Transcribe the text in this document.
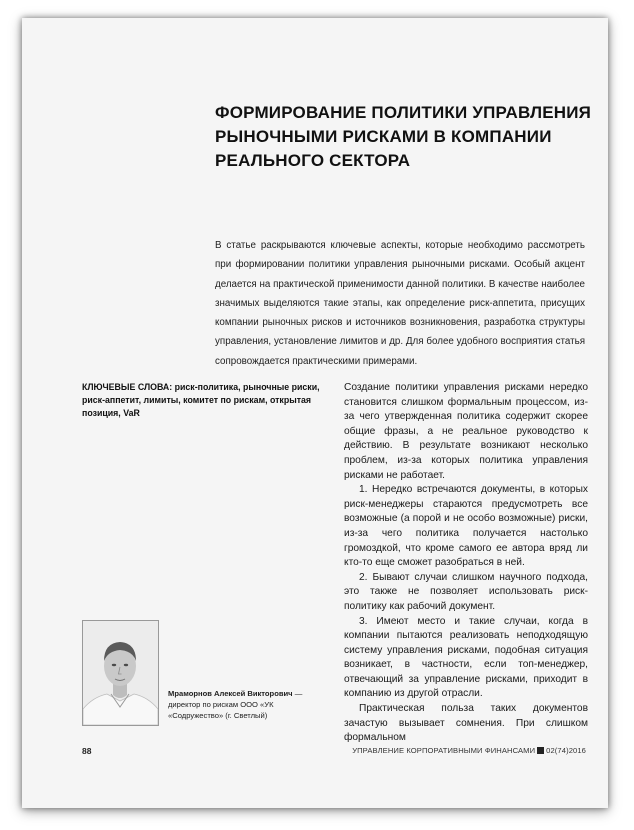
ФОРМИРОВАНИЕ ПОЛИТИКИ УПРАВЛЕНИЯ
РЫНОЧНЫМИ РИСКАМИ В КОМПАНИИ
РЕАЛЬНОГО СЕКТОРА

В статье раскрываются ключевые аспекты, которые необходимо рассмотреть при формировании политики управления рыночными рисками. Особый акцент делается на практической применимости данной политики. В качестве наиболее значимых выделяются такие этапы, как определение риск-аппетита, присущих компании рыночных рисков и источников возникновения, разработка структуры управления, установление лимитов и др. Для более удобного восприятия статья сопровождается практическими примерами.

КЛЮЧЕВЫЕ СЛОВА: риск-политика, рыночные риски, риск-аппетит, лимиты, комитет по рискам, открытая позиция, VaR
Мраморнов Алексей Викторович — директор по рискам ООО «УК «Содружество» (г. Светлый)

Создание политики управления рисками нередко становится слишком формальным процессом, из-за чего утвержденная политика содержит скорее общие фразы, а не реальное руководство к действию. В результате возникают несколько проблем, из-за которых политика управления рисками не работает.

1. Нередко встречаются документы, в которых риск-менеджеры стараются предусмотреть все возможные (а порой и не особо возможные) риски, из-за чего политика получается настолько громоздкой, что кроме самого ее автора вряд ли кто-то еще сможет разобраться в ней.

2. Бывают случаи слишком научного подхода, это также не позволяет использовать риск-политику как рабочий документ.

3. Имеют место и такие случаи, когда в компании пытаются реализовать неподходящую систему управления рисками, подобная ситуация возникает, в частности, если топ-менеджер, отвечающий за управление рисками, приходит в компанию из другой отрасли.

Практическая польза таких документов зачастую вызывает сомнения. При слишком формальном

88	УПРАВЛЕНИЕ КОРПОРАТИВНЫМИ ФИНАНСАМИ 02(74)2016
